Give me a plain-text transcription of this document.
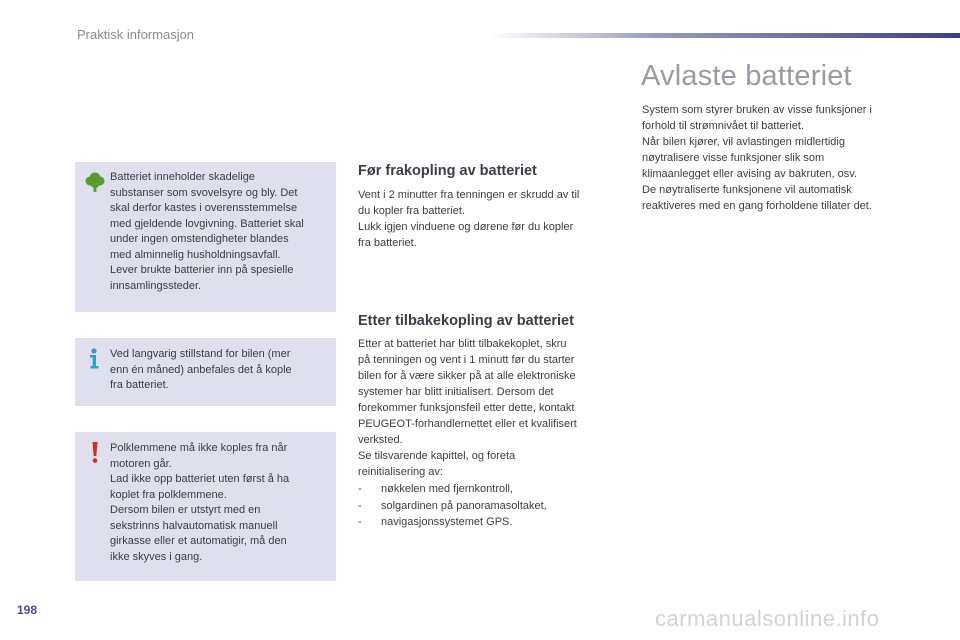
Praktisk informasjon
Batteriet inneholder skadelige
substanser som svovelsyre og bly. Det
skal derfor kastes i overensstemmelse
med gjeldende lovgivning. Batteriet skal
under ingen omstendigheter blandes
med alminnelig husholdningsavfall.
Lever brukte batterier inn på spesielle
innsamlingssteder.
Ved langvarig stillstand for bilen (mer
enn én måned) anbefales det å kople
fra batteriet.
Polklemmene må ikke koples fra når
motoren går.
Lad ikke opp batteriet uten først å ha
koplet fra polklemmene.
Dersom bilen er utstyrt med en
sekstrinns halvautomatisk manuell
girkasse eller et automatigir, må den
ikke skyves i gang.
Før frakopling av batteriet
Vent i 2 minutter fra tenningen er skrudd av til
du kopler fra batteriet.
Lukk igjen vinduene og dørene før du kopler
fra batteriet.
Etter tilbakekopling av batteriet
Etter at batteriet har blitt tilbakekoplet, skru
på tenningen og vent i 1 minutt før du starter
bilen for å være sikker på at alle elektroniske
systemer har blitt initialisert. Dersom det
forekommer funksjonsfeil etter dette, kontakt
PEUGEOT-forhandlernettet eller et kvalifisert
verksted.
Se tilsvarende kapittel, og foreta
reinitialisering av:
- nøkkelen med fjernkontroll,
- solgardinen på panoramasoltaket,
- navigasjonssystemet GPS.
Avlaste batteriet
System som styrer bruken av visse funksjoner i
forhold til strømnivået til batteriet.
Når bilen kjører, vil avlastingen midlertidig
nøytralisere visse funksjoner slik som
klimaanlegget eller avising av bakruten, osv.
De nøytraliserte funksjonene vil automatisk
reaktiveres med en gang forholdene tillater det.
198	carmanualsonline.info
